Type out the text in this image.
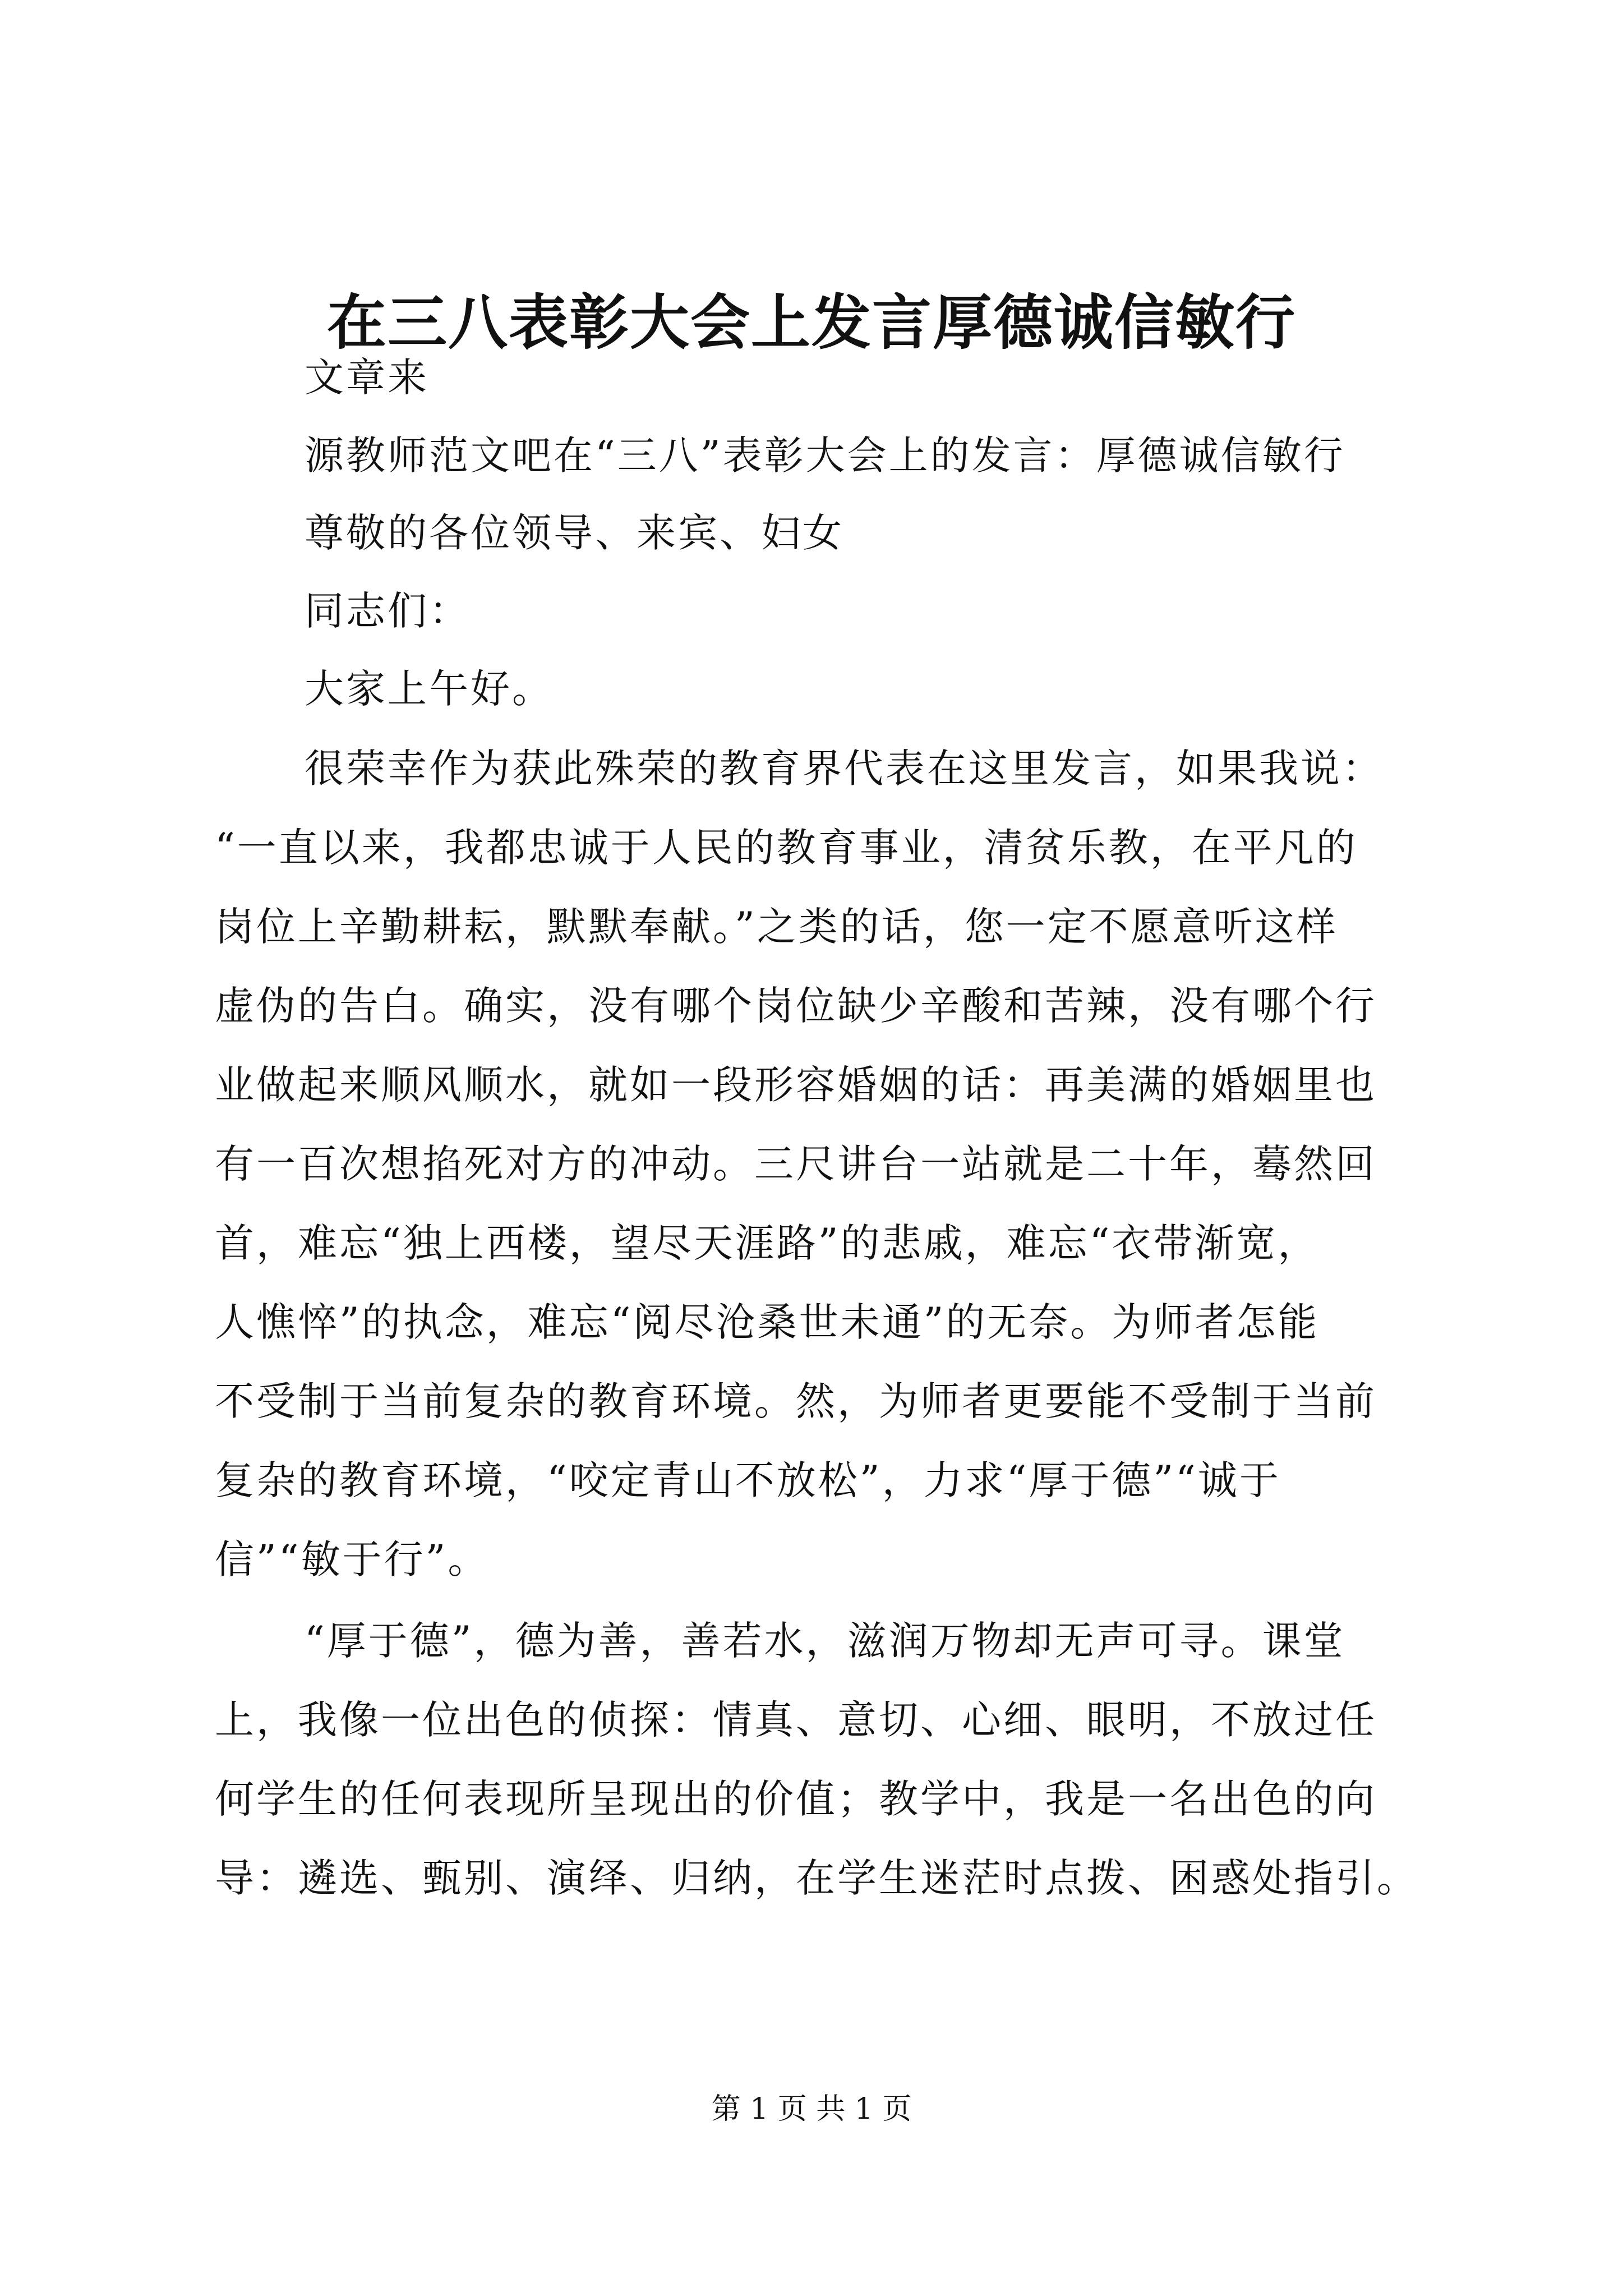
在三八表彰大会上发言厚德诚信敏行
文章来
源教师范文吧在“三八”表彰大会上的发言：厚德诚信敏行
尊敬的各位领导、来宾、妇女
同志们：
大家上午好。
很荣幸作为获此殊荣的教育界代表在这里发言，如果我说：
“一直以来，我都忠诚于人民的教育事业，清贫乐教，在平凡的
岗位上辛勤耕耘，默默奉献。”之类的话，您一定不愿意听这样
虚伪的告白。确实，没有哪个岗位缺少辛酸和苦辣，没有哪个行
业做起来顺风顺水，就如一段形容婚姻的话：再美满的婚姻里也
有一百次想掐死对方的冲动。三尺讲台一站就是二十年，蓦然回
首，难忘“独上西楼，望尽天涯路”的悲戚，难忘“衣带渐宽，
人憔悴”的执念，难忘“阅尽沧桑世未通”的无奈。为师者怎能
不受制于当前复杂的教育环境。然，为师者更要能不受制于当前
复杂的教育环境，“咬定青山不放松”，力求“厚于德”“诚于
信”“敏于行”。
“厚于德”，德为善，善若水，滋润万物却无声可寻。课堂
上，我像一位出色的侦探：情真、意切、心细、眼明，不放过任
何学生的任何表现所呈现出的价值；教学中，我是一名出色的向
导：遴选、甄别、演绎、归纳，在学生迷茫时点拨、困惑处指引。

第 1 页 共 1 页
